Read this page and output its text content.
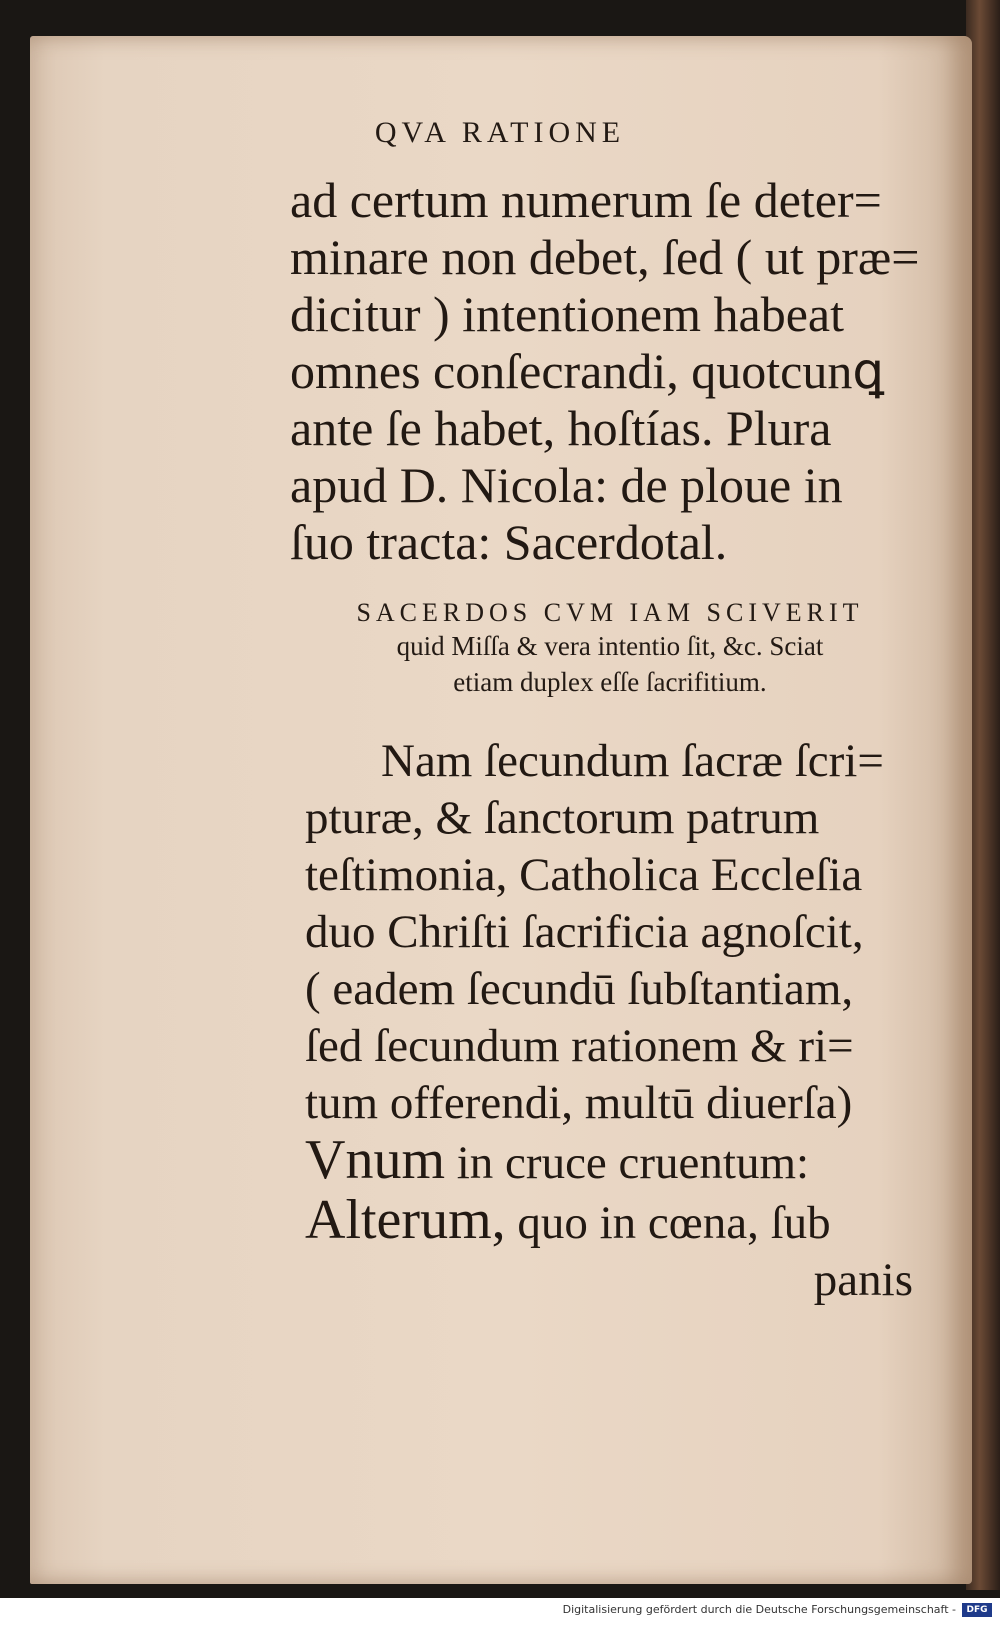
QVA RATIONE
ad certum numerum ſe deter=
minare non debet, ſed ( ut præ=
dicitur ) intentionem habeat
omnes conſecrandi, quotcunꝗ
ante ſe habet, hoſtías. Plura
apud D. Nicola: de ploue in
ſuo tracta: Sacerdotal.
SACERDOS CVM IAM SCIVERIT
quid Miſſa & vera intentio ſit, &c. Sciat
etiam duplex eſſe ſacrifitium.
Nam ſecundum ſacræ ſcri=
pturæ, & ſanctorum patrum
teſtimonia, Catholica Eccleſia
duo Chriſti ſacrificia agnoſcit,
( eadem ſecundū ſubſtantiam,
ſed ſecundum rationem & ri=
tum offerendi, multū diuerſa)
Vnum in cruce cruentum:
Alterum, quo in cœna, ſub
panis
Digitalisierung gefördert durch die Deutsche Forschungsgemeinschaft -	DFG
